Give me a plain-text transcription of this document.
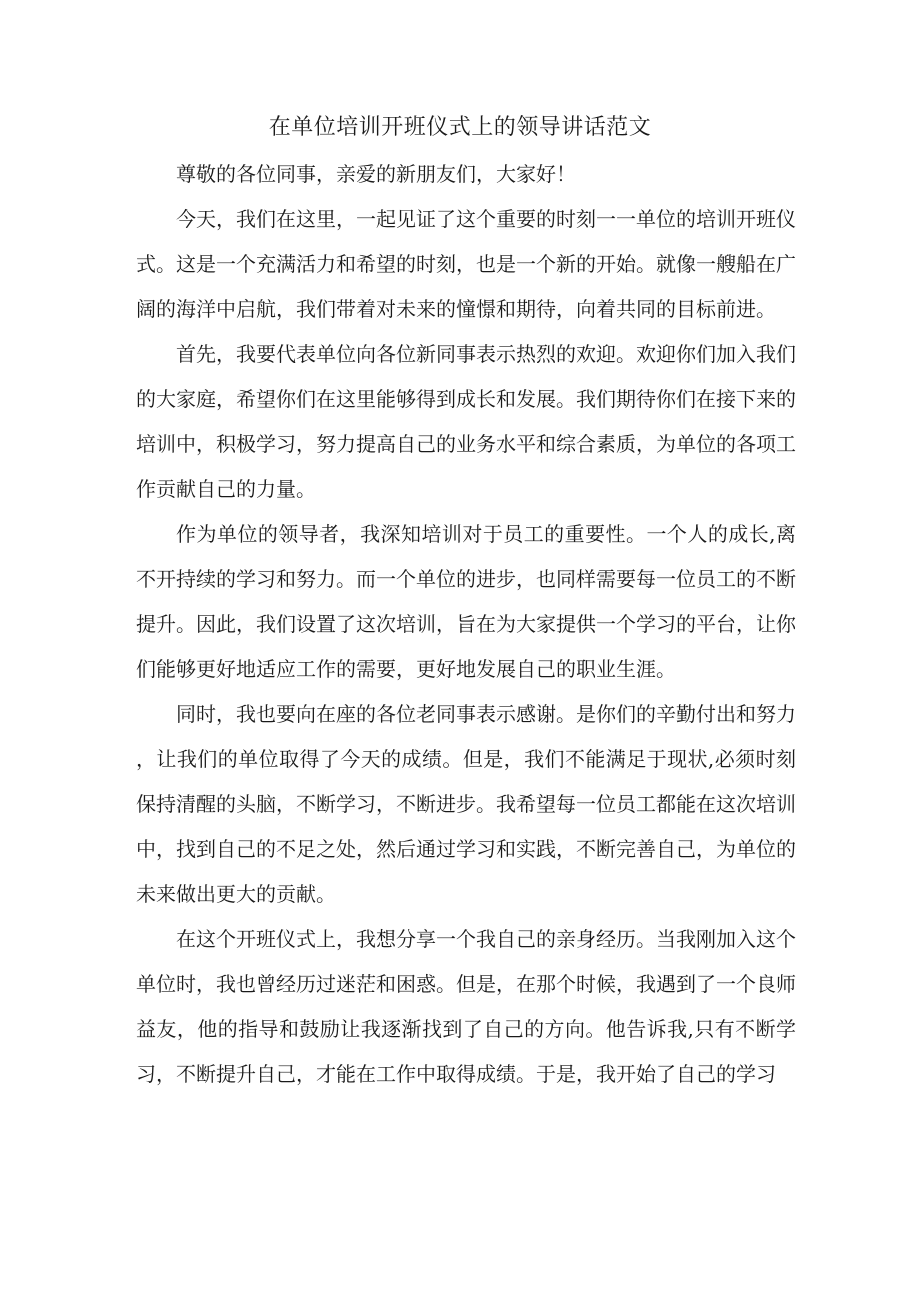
在单位培训开班仪式上的领导讲话范文

尊敬的各位同事，亲爱的新朋友们，大家好！

今天，我们在这里，一起见证了这个重要的时刻一一单位的培训开班仪式。这是一个充满活力和希望的时刻，也是一个新的开始。就像一艘船在广阔的海洋中启航，我们带着对未来的憧憬和期待，向着共同的目标前进。

首先，我要代表单位向各位新同事表示热烈的欢迎。欢迎你们加入我们的大家庭，希望你们在这里能够得到成长和发展。我们期待你们在接下来的培训中，积极学习，努力提高自己的业务水平和综合素质，为单位的各项工作贡献自己的力量。

作为单位的领导者，我深知培训对于员工的重要性。一个人的成长,离不开持续的学习和努力。而一个单位的进步，也同样需要每一位员工的不断提升。因此，我们设置了这次培训，旨在为大家提供一个学习的平台，让你们能够更好地适应工作的需要，更好地发展自己的职业生涯。

同时，我也要向在座的各位老同事表示感谢。是你们的辛勤付出和努力，让我们的单位取得了今天的成绩。但是，我们不能满足于现状,必须时刻保持清醒的头脑，不断学习，不断进步。我希望每一位员工都能在这次培训中，找到自己的不足之处，然后通过学习和实践，不断完善自己，为单位的未来做出更大的贡献。

在这个开班仪式上，我想分享一个我自己的亲身经历。当我刚加入这个单位时，我也曾经历过迷茫和困惑。但是，在那个时候，我遇到了一个良师益友，他的指导和鼓励让我逐渐找到了自己的方向。他告诉我,只有不断学习，不断提升自己，才能在工作中取得成绩。于是，我开始了自己的学习
